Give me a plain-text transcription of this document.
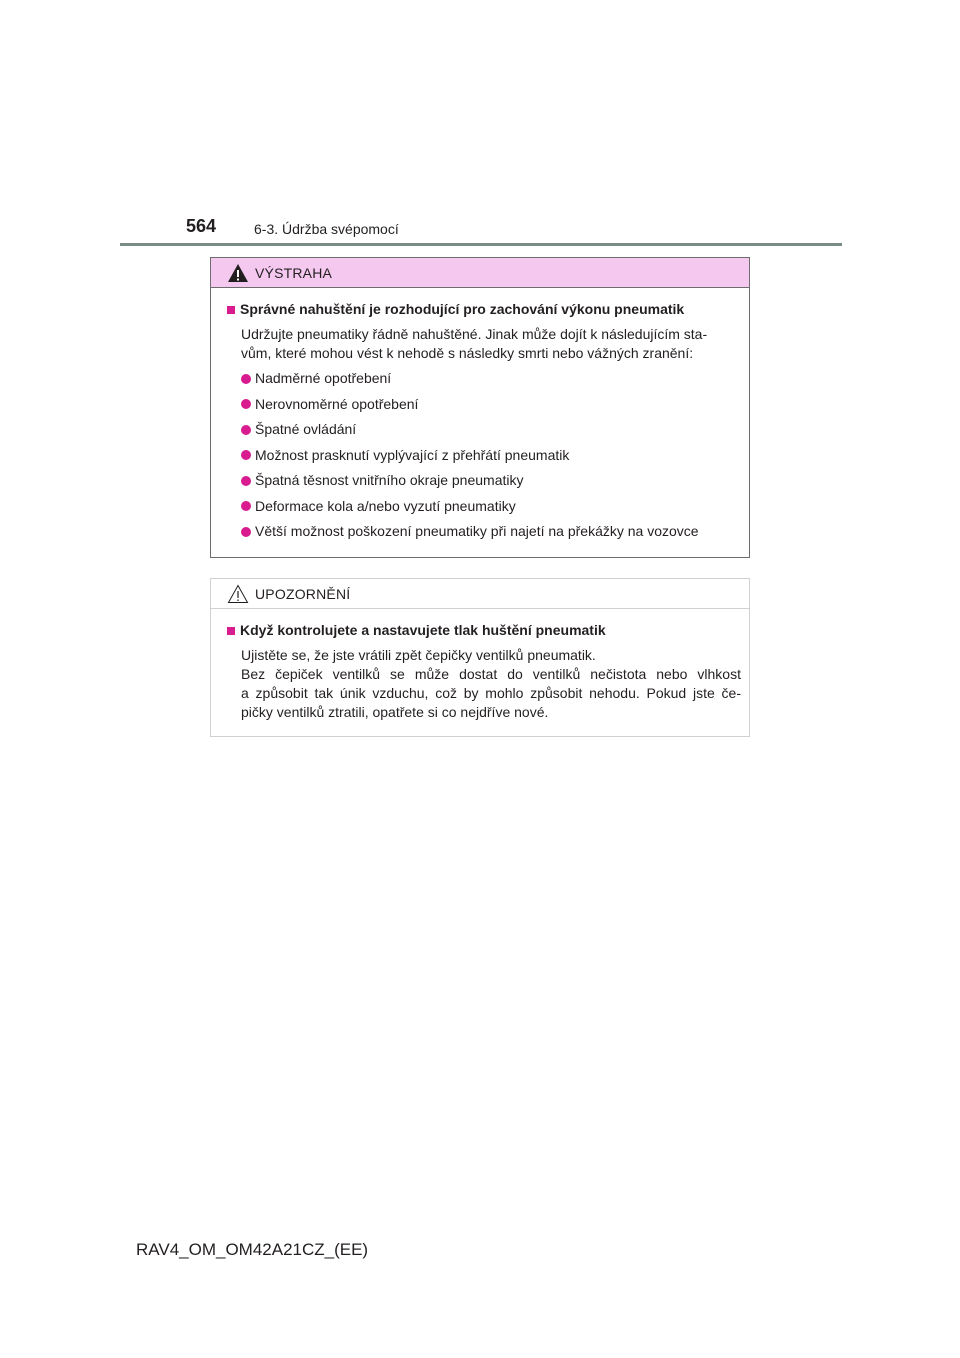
564	6-3. Údržba svépomocí
VÝSTRAHA
Správné nahuštění je rozhodující pro zachování výkonu pneumatik
Udržujte pneumatiky řádně nahuštěné. Jinak může dojít k následujícím sta-
vům, které mohou vést k nehodě s následky smrti nebo vážných zranění:
Nadměrné opotřebení
Nerovnoměrné opotřebení
Špatné ovládání
Možnost prasknutí vyplývající z přehřátí pneumatik
Špatná těsnost vnitřního okraje pneumatiky
Deformace kola a/nebo vyzutí pneumatiky
Větší možnost poškození pneumatiky při najetí na překážky na vozovce
UPOZORNĚNÍ
Když kontrolujete a nastavujete tlak huštění pneumatik
Ujistěte se, že jste vrátili zpět čepičky ventilků pneumatik.
Bez čepiček ventilků se může dostat do ventilků nečistota nebo vlhkost
a způsobit tak únik vzduchu, což by mohlo způsobit nehodu. Pokud jste če-
pičky ventilků ztratili, opatřete si co nejdříve nové.
RAV4_OM_OM42A21CZ_(EE)
